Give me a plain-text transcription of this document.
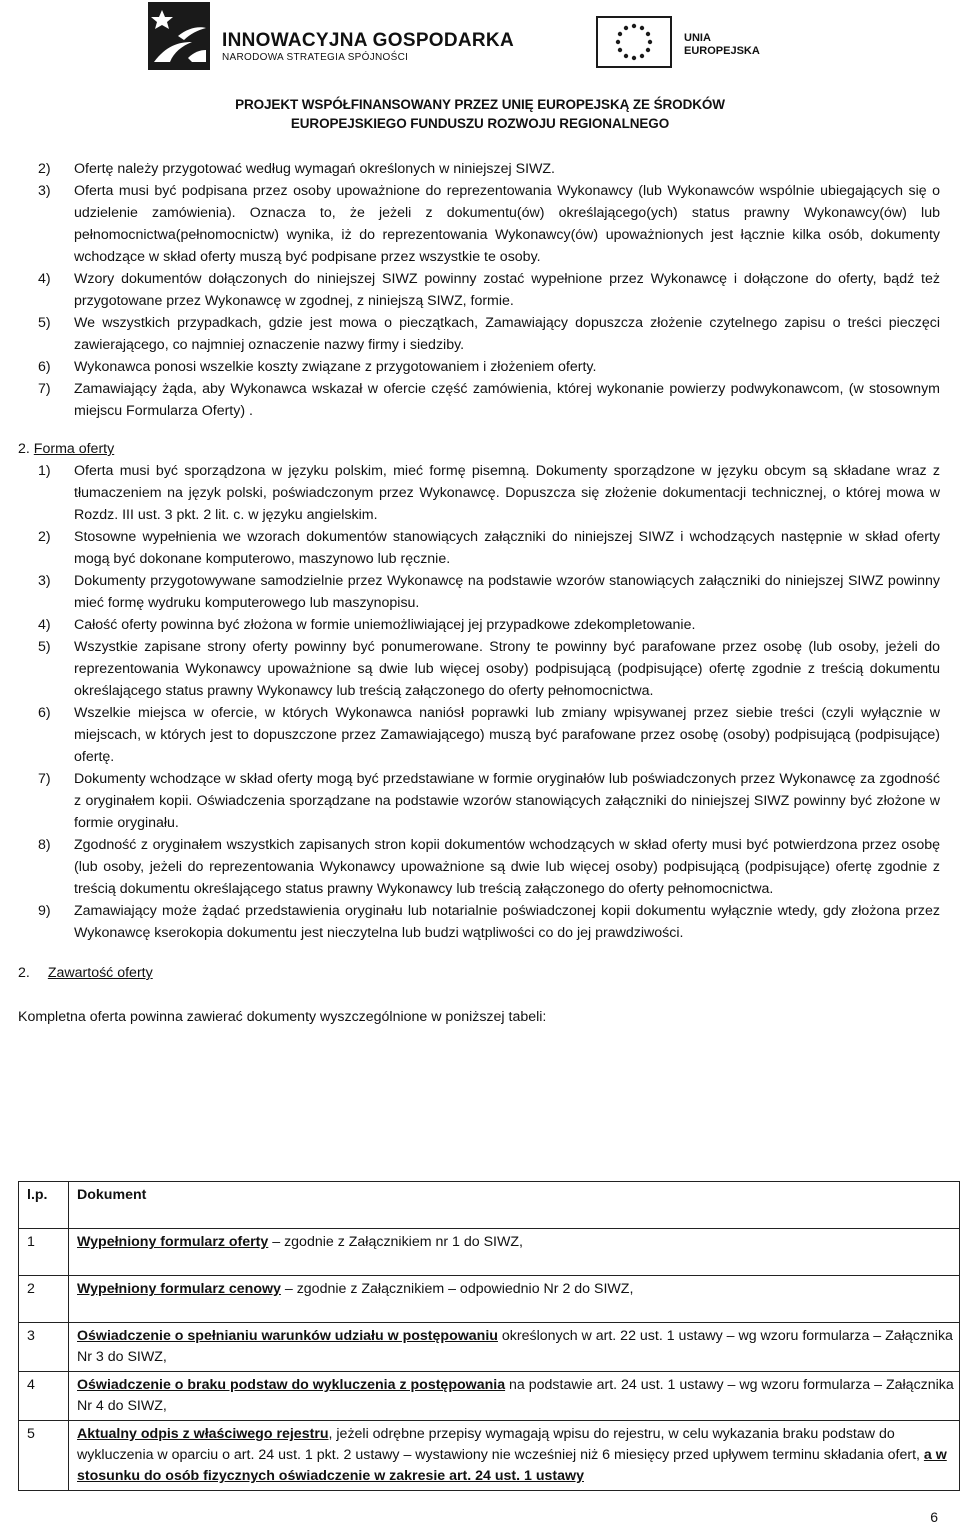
INNOWACYJNA GOSPODARKA
NARODOWA STRATEGIA SPÓJNOŚCI
UNIA
EUROPEJSKA
PROJEKT WSPÓŁFINANSOWANY PRZEZ UNIĘ EUROPEJSKĄ ZE ŚRODKÓW
EUROPEJSKIEGO FUNDUSZU ROZWOJU REGIONALNEGO
2) Ofertę należy przygotować według wymagań określonych w niniejszej SIWZ.
3) Oferta musi być podpisana przez osoby upoważnione do reprezentowania Wykonawcy (lub Wykonawców wspólnie ubiegających się o udzielenie zamówienia). Oznacza to, że jeżeli z dokumentu(ów) określającego(ych) status prawny Wykonawcy(ów) lub pełnomocnictwa(pełnomocnictw) wynika, iż do reprezentowania Wykonawcy(ów) upoważnionych jest łącznie kilka osób, dokumenty wchodzące w skład oferty muszą być podpisane przez wszystkie te osoby.
4) Wzory dokumentów dołączonych do niniejszej SIWZ powinny zostać wypełnione przez Wykonawcę i dołączone do oferty, bądź też przygotowane przez Wykonawcę w zgodnej, z niniejszą SIWZ, formie.
5) We wszystkich przypadkach, gdzie jest mowa o pieczątkach, Zamawiający dopuszcza złożenie czytelnego zapisu o treści pieczęci zawierającego, co najmniej oznaczenie nazwy firmy i siedziby.
6) Wykonawca ponosi wszelkie koszty związane z przygotowaniem i złożeniem oferty.
7) Zamawiający żąda, aby Wykonawca wskazał w ofercie część zamówienia, której wykonanie powierzy podwykonawcom, (w stosownym miejscu Formularza Oferty) .
2. Forma oferty
1) Oferta musi być sporządzona w języku polskim, mieć formę pisemną. Dokumenty sporządzone w języku obcym są składane wraz z tłumaczeniem na język polski, poświadczonym przez Wykonawcę. Dopuszcza się złożenie dokumentacji technicznej, o której mowa w Rozdz. III ust. 3 pkt. 2 lit. c. w języku angielskim.
2) Stosowne wypełnienia we wzorach dokumentów stanowiących załączniki do niniejszej SIWZ i wchodzących następnie w skład oferty mogą być dokonane komputerowo, maszynowo lub ręcznie.
3) Dokumenty przygotowywane samodzielnie przez Wykonawcę na podstawie wzorów stanowiących załączniki do niniejszej SIWZ powinny mieć formę wydruku komputerowego lub maszynopisu.
4) Całość oferty powinna być złożona w formie uniemożliwiającej jej przypadkowe zdekompletowanie.
5) Wszystkie zapisane strony oferty powinny być ponumerowane. Strony te powinny być parafowane przez osobę (lub osoby, jeżeli do reprezentowania Wykonawcy upoważnione są dwie lub więcej osoby) podpisującą (podpisujące) ofertę zgodnie z treścią dokumentu określającego status prawny Wykonawcy lub treścią załączonego do oferty pełnomocnictwa.
6) Wszelkie miejsca w ofercie, w których Wykonawca naniósł poprawki lub zmiany wpisywanej przez siebie treści (czyli wyłącznie w miejscach, w których jest to dopuszczone przez Zamawiającego) muszą być parafowane przez osobę (osoby) podpisującą (podpisujące) ofertę.
7) Dokumenty wchodzące w skład oferty mogą być przedstawiane w formie oryginałów lub poświadczonych przez Wykonawcę za zgodność z oryginałem kopii. Oświadczenia sporządzane na podstawie wzorów stanowiących załączniki do niniejszej SIWZ powinny być złożone w formie oryginału.
8) Zgodność z oryginałem wszystkich zapisanych stron kopii dokumentów wchodzących w skład oferty musi być potwierdzona przez osobę (lub osoby, jeżeli do reprezentowania Wykonawcy upoważnione są dwie lub więcej osoby) podpisującą (podpisujące) ofertę zgodnie z treścią dokumentu określającego status prawny Wykonawcy lub treścią załączonego do oferty pełnomocnictwa.
9) Zamawiający może żądać przedstawienia oryginału lub notarialnie poświadczonej kopii dokumentu wyłącznie wtedy, gdy złożona przez Wykonawcę kserokopia dokumentu jest nieczytelna lub budzi wątpliwości co do jej prawdziwości.
2. Zawartość oferty
Kompletna oferta powinna zawierać dokumenty wyszczególnione w poniższej tabeli:
l.p.	Dokument
1	Wypełniony formularz oferty – zgodnie z Załącznikiem nr 1 do SIWZ,
2	Wypełniony formularz cenowy – zgodnie z Załącznikiem – odpowiednio Nr 2 do SIWZ,
3	Oświadczenie o spełnianiu warunków udziału w postępowaniu określonych w art. 22 ust. 1 ustawy – wg wzoru formularza – Załącznika Nr 3 do SIWZ,
4	Oświadczenie o braku podstaw do wykluczenia z postępowania na podstawie art. 24 ust. 1 ustawy – wg wzoru formularza – Załącznika Nr 4 do SIWZ,
5	Aktualny odpis z właściwego rejestru, jeżeli odrębne przepisy wymagają wpisu do rejestru, w celu wykazania braku podstaw do wykluczenia w oparciu o art. 24 ust. 1 pkt. 2 ustawy – wystawiony nie wcześniej niż 6 miesięcy przed upływem terminu składania ofert, a w stosunku do osób fizycznych oświadczenie w zakresie art. 24 ust. 1 ustawy
6
